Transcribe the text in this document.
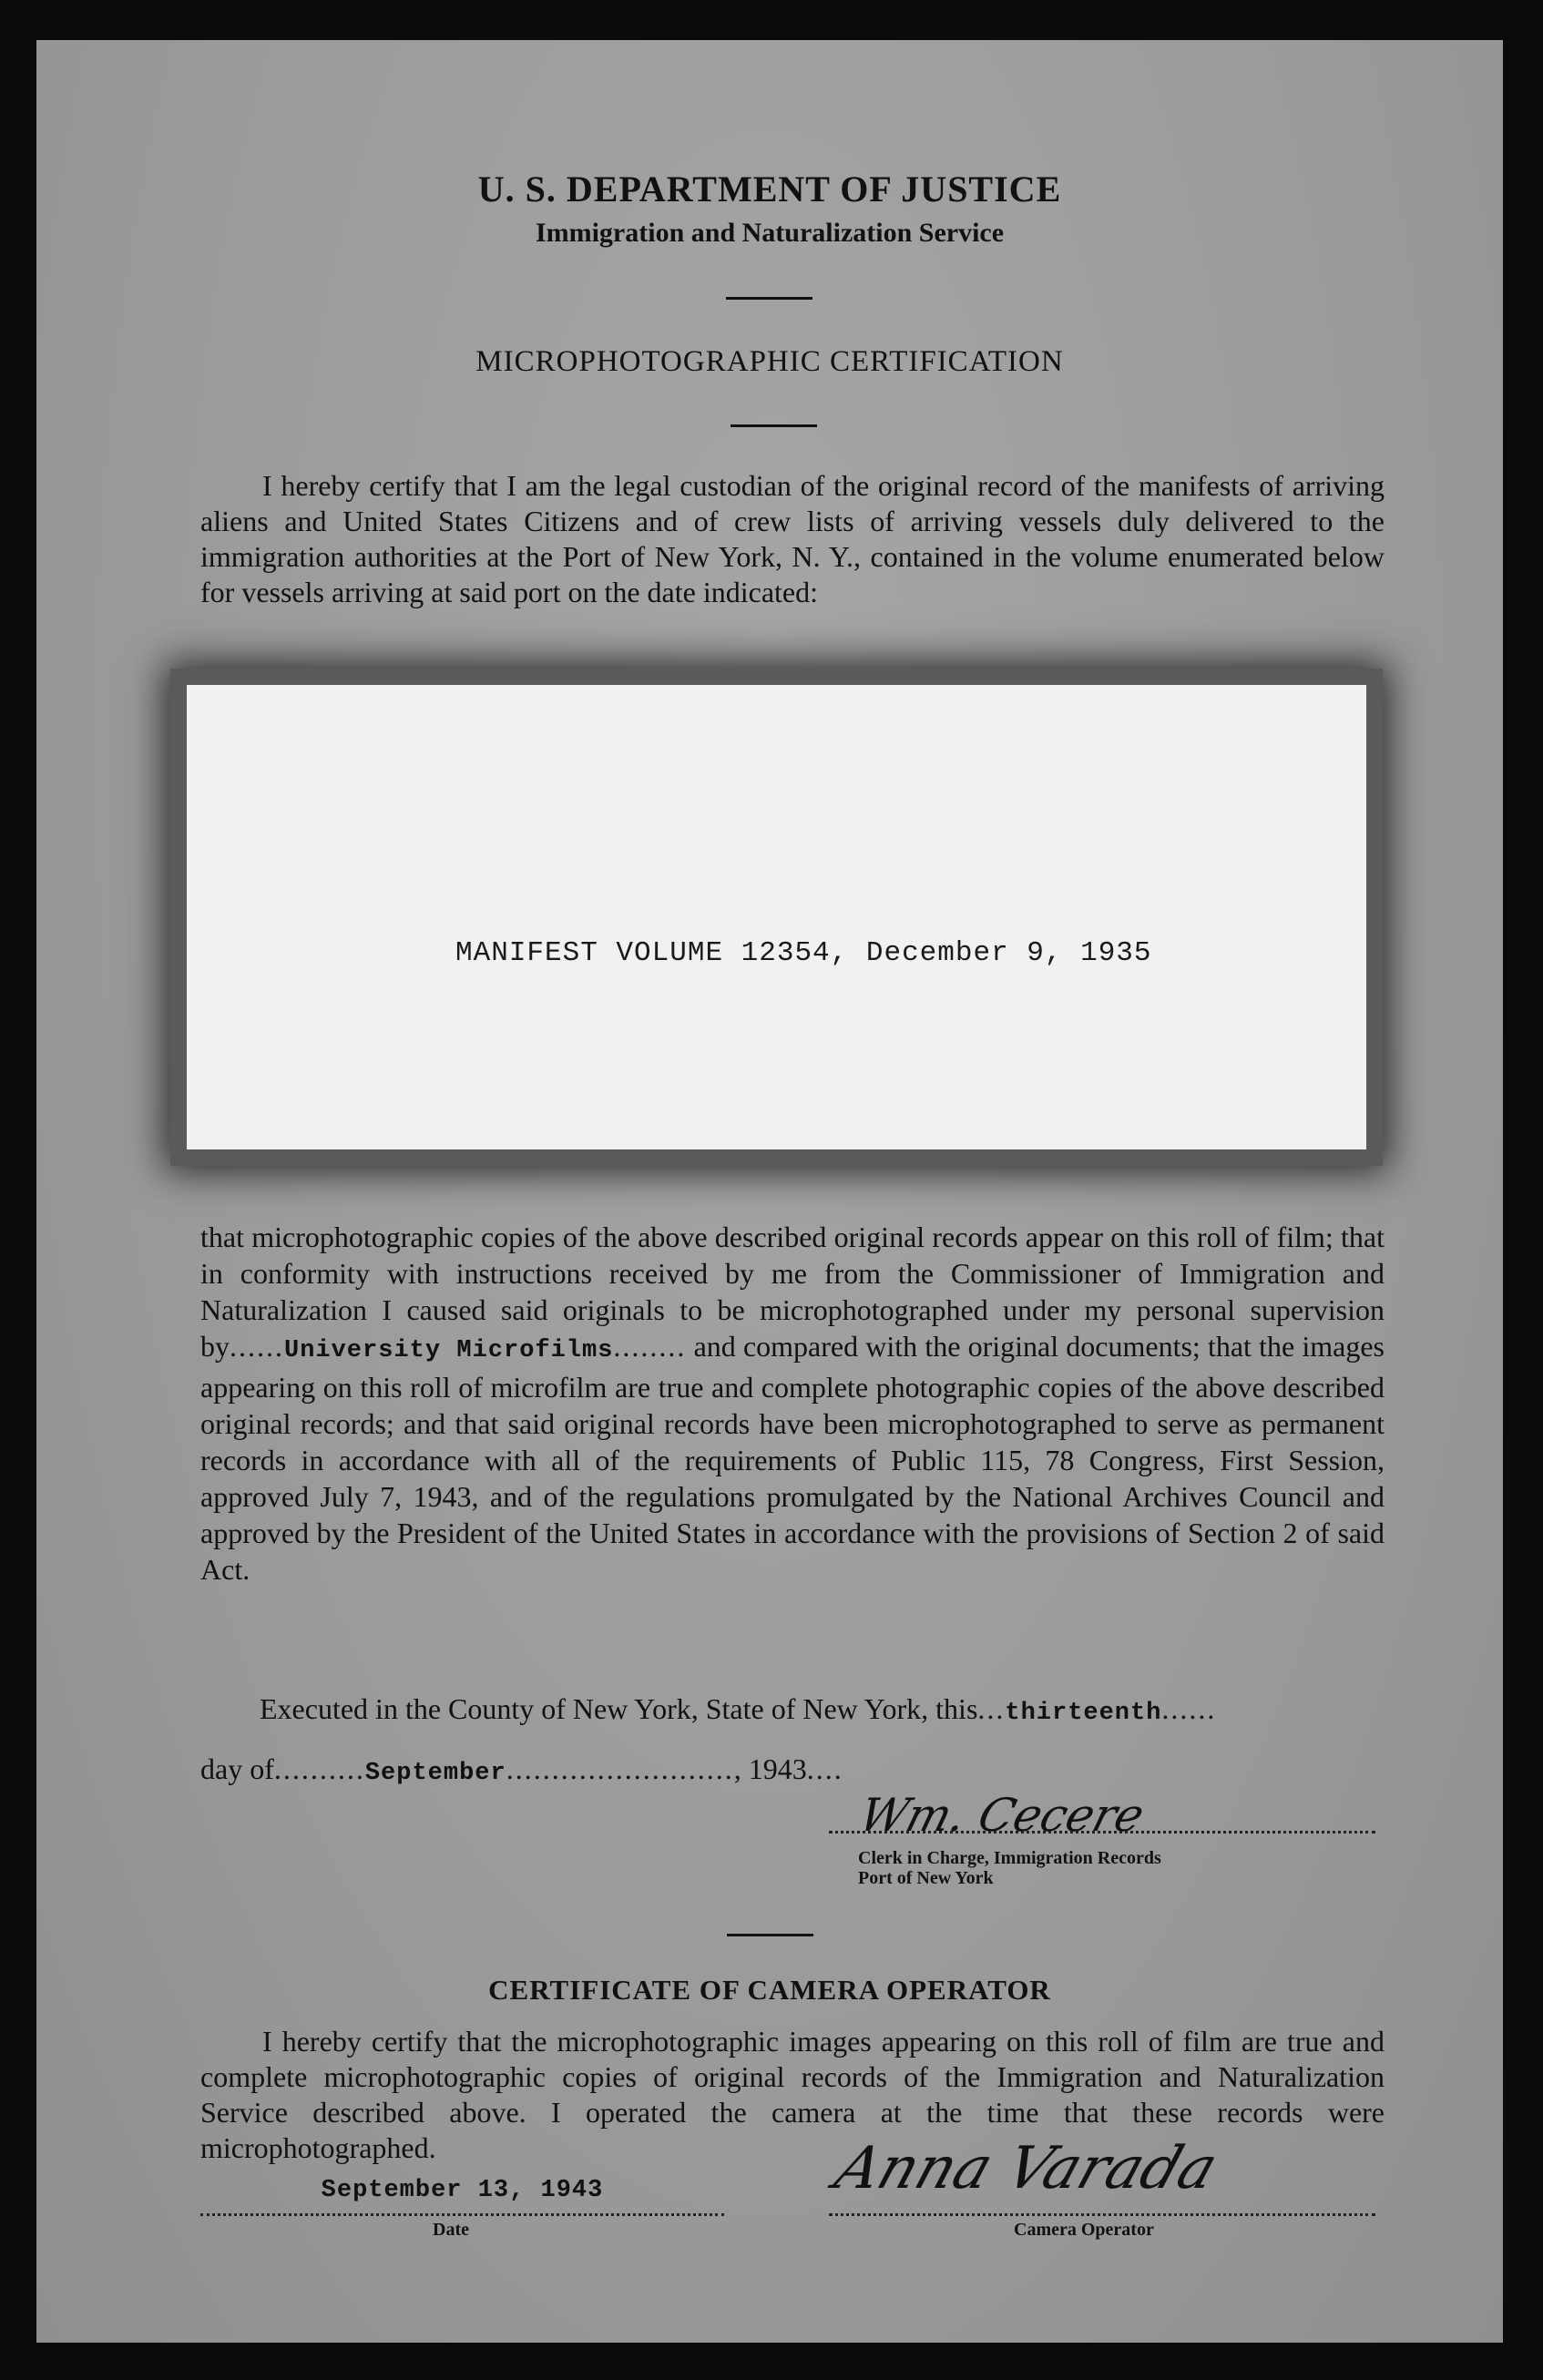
U. S. DEPARTMENT OF JUSTICE
Immigration and Naturalization Service
MICROPHOTOGRAPHIC CERTIFICATION

I hereby certify that I am the legal custodian of the original record of the manifests of arriving aliens and United States Citizens and of crew lists of arriving vessels duly delivered to the immigration authorities at the Port of New York, N. Y., contained in the volume enumerated below for vessels arriving at said port on the date indicated:

MANIFEST VOLUME 12354, December 9, 1935

that microphotographic copies of the above described original records appear on this roll of film; that in conformity with instructions received by me from the Commissioner of Immigration and Naturalization I caused said originals to be microphotographed under my personal supervision by......University Microfilms........ and compared with the original documents; that the images appearing on this roll of microfilm are true and complete photographic copies of the above described original records; and that said original records have been microphotographed to serve as permanent records in accordance with all of the requirements of Public 115, 78 Congress, First Session, approved July 7, 1943, and of the regulations promulgated by the National Archives Council and approved by the President of the United States in accordance with the provisions of Section 2 of said Act.

Executed in the County of New York, State of New York, this...thirteenth......
day of..........September........................., 1943....
Wm. Cecere
Clerk in Charge, Immigration Records
Port of New York
CERTIFICATE OF CAMERA OPERATOR

I hereby certify that the microphotographic images appearing on this roll of film are true and complete microphotographic copies of original records of the Immigration and Naturalization Service described above. I operated the camera at the time that these records were microphotographed.

September 13, 1943
Date
Anna Varada
Camera Operator
